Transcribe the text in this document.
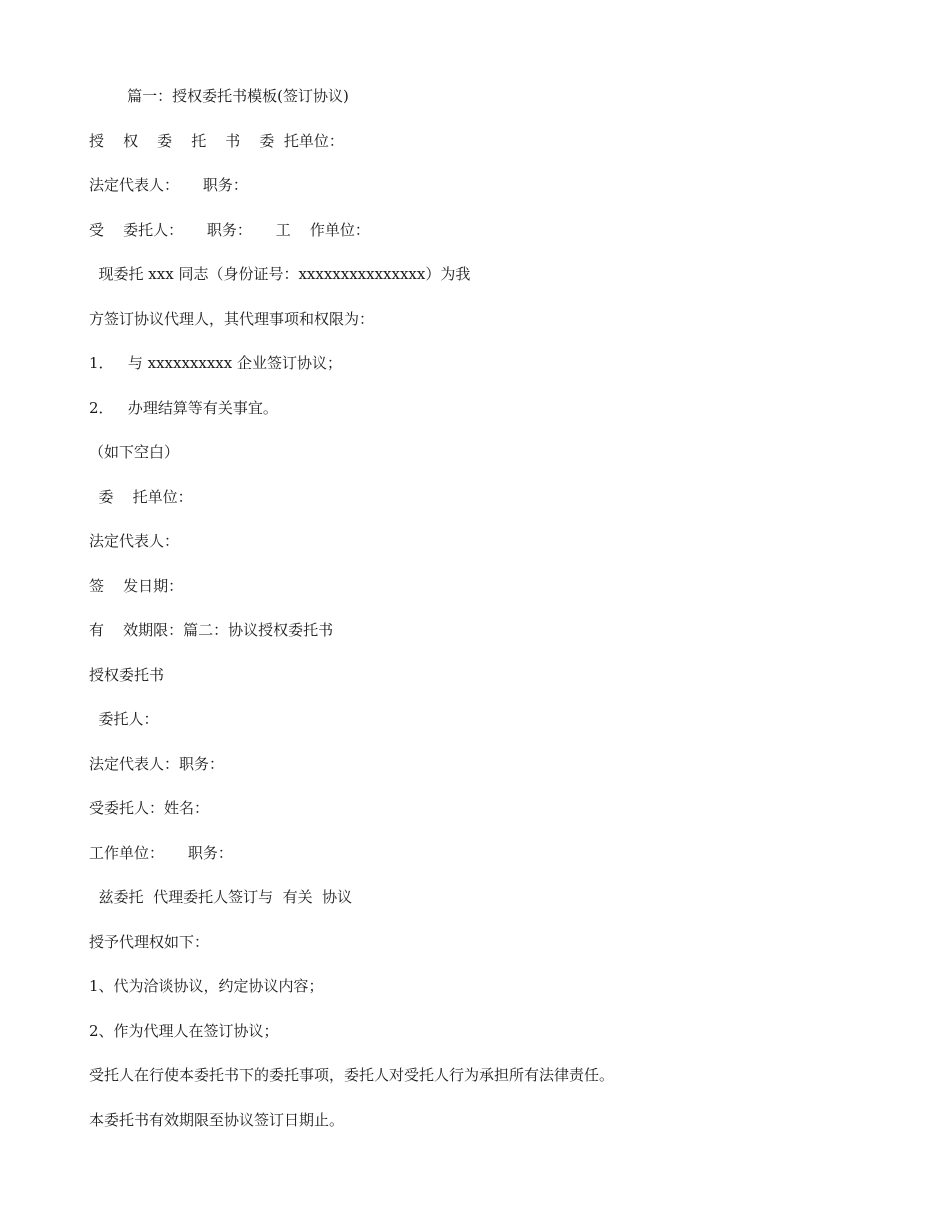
篇一：授权委托书模板(签订协议)
授    权    委    托    书    委  托单位：
法定代表人：     职务：
受    委托人：     职务：     工    作单位：
现委托 xxx 同志（身份证号：xxxxxxxxxxxxxxx）为我
方签订协议代理人，其代理事项和权限为：
1．   与 xxxxxxxxxx 企业签订协议；
2．   办理结算等有关事宜。
（如下空白）
委    托单位：
法定代表人：
签    发日期：
有    效期限：篇二：协议授权委托书
授权委托书
委托人：
法定代表人：职务：
受委托人：姓名：
工作单位：     职务：
兹委托  代理委托人签订与  有关  协议
授予代理权如下：
1、代为洽谈协议，约定协议内容；
2、作为代理人在签订协议；
受托人在行使本委托书下的委托事项，委托人对受托人行为承担所有法律责任。
本委托书有效期限至协议签订日期止。
